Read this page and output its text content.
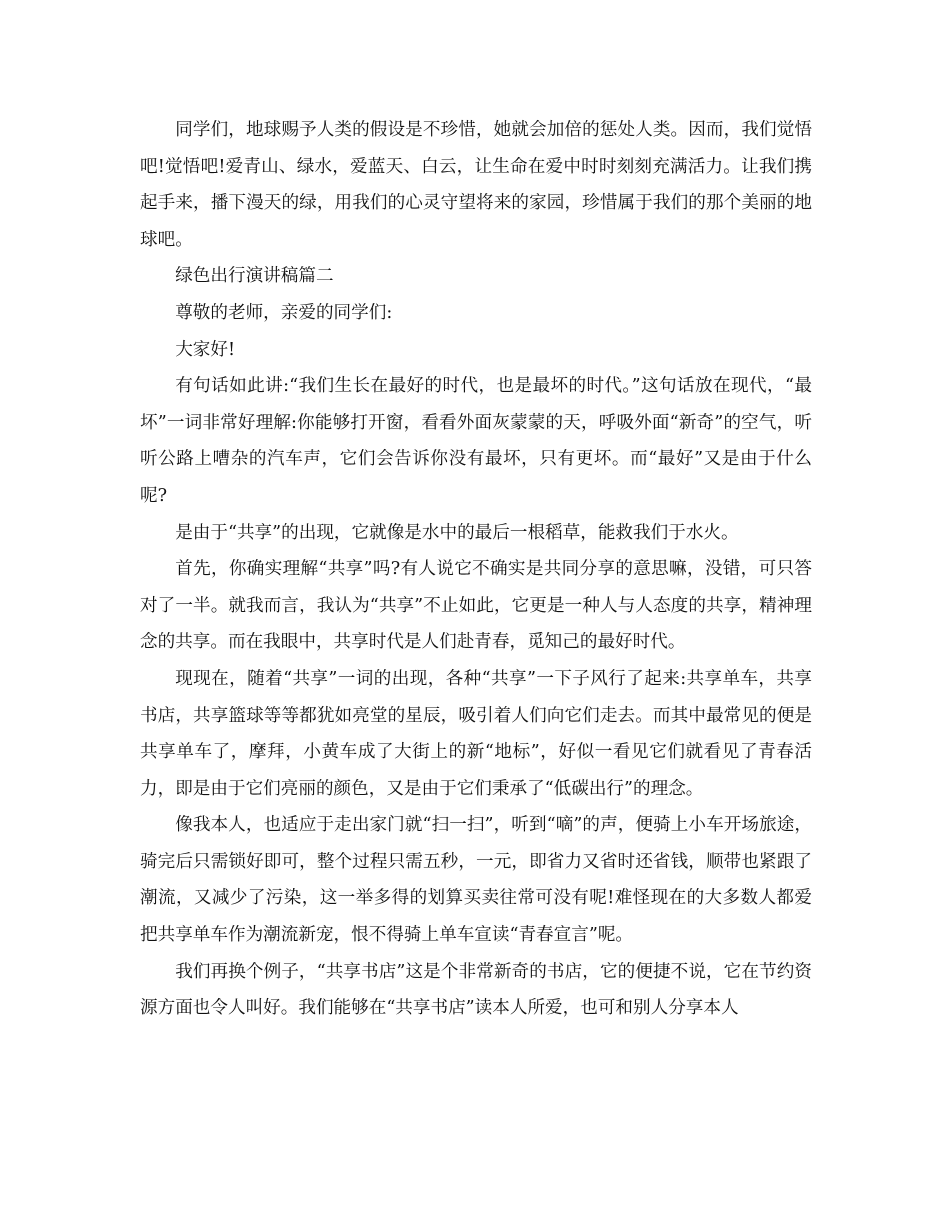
同学们，地球赐予人类的假设是不珍惜，她就会加倍的惩处人类。因而，我们觉悟吧!觉悟吧!爱青山、绿水，爱蓝天、白云，让生命在爱中时时刻刻充满活力。让我们携起手来，播下漫天的绿，用我们的心灵守望将来的家园，珍惜属于我们的那个美丽的地球吧。

绿色出行演讲稿篇二

尊敬的老师，亲爱的同学们:

大家好!

有句话如此讲:“我们生长在最好的时代，也是最坏的时代。”这句话放在现代，“最坏”一词非常好理解:你能够打开窗，看看外面灰蒙蒙的天，呼吸外面“新奇”的空气，听听公路上嘈杂的汽车声，它们会告诉你没有最坏，只有更坏。而“最好”又是由于什么呢?

是由于“共享”的出现，它就像是水中的最后一根稻草，能救我们于水火。

首先，你确实理解“共享”吗?有人说它不确实是共同分享的意思嘛，没错，可只答对了一半。就我而言，我认为“共享”不止如此，它更是一种人与人态度的共享，精神理念的共享。而在我眼中，共享时代是人们赴青春，觅知己的最好时代。

现现在，随着“共享”一词的出现，各种“共享”一下子风行了起来:共享单车，共享书店，共享篮球等等都犹如亮堂的星辰，吸引着人们向它们走去。而其中最常见的便是共享单车了，摩拜，小黄车成了大街上的新“地标”，好似一看见它们就看见了青春活力，即是由于它们亮丽的颜色，又是由于它们秉承了“低碳出行”的理念。

像我本人，也适应于走出家门就“扫一扫”，听到“嘀”的声，便骑上小车开场旅途，骑完后只需锁好即可，整个过程只需五秒，一元，即省力又省时还省钱，顺带也紧跟了潮流，又减少了污染，这一举多得的划算买卖往常可没有呢!难怪现在的大多数人都爱把共享单车作为潮流新宠，恨不得骑上单车宣读“青春宣言”呢。

我们再换个例子，“共享书店”这是个非常新奇的书店，它的便捷不说，它在节约资源方面也令人叫好。我们能够在“共享书店”读本人所爱，也可和别人分享本人
